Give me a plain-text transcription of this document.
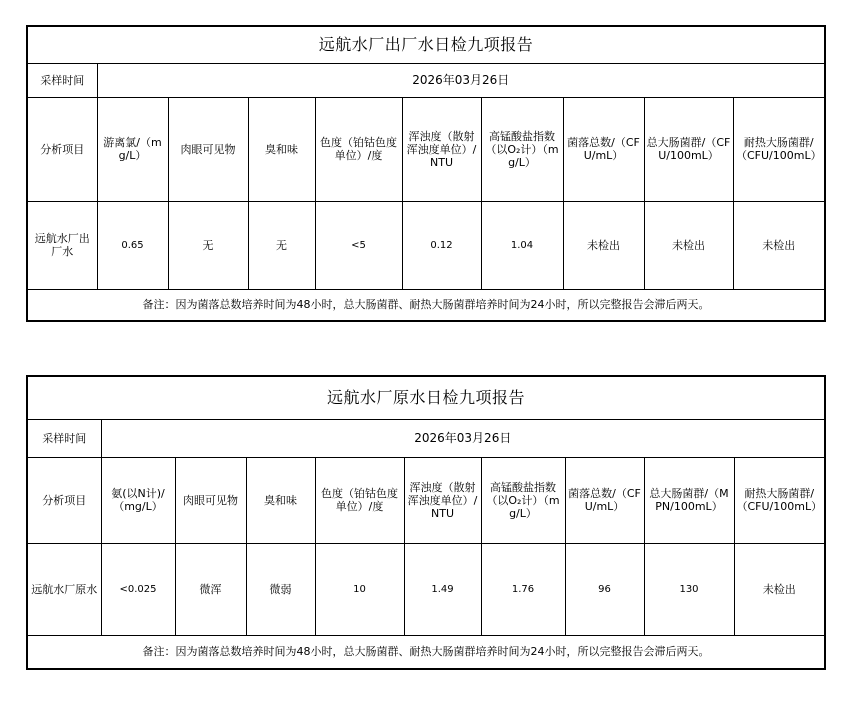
远航水厂出厂水日检九项报告									
采样时间	2026年03月26日								
分析项目	游离氯/（mg/L）	肉眼可见物	臭和味	色度（铂钴色度单位）/度	浑浊度（散射浑浊度单位）/NTU	高锰酸盐指数（以O₂计）（mg/L）	菌落总数/（CFU/mL）	总大肠菌群/（CFU/100mL）	耐热大肠菌群/（CFU/100mL）
远航水厂出厂水	0.65	无	无	<5	0.12	1.04	未检出	未检出	未检出
备注：因为菌落总数培养时间为48小时，总大肠菌群、耐热大肠菌群培养时间为24小时，所以完整报告会滞后两天。									
远航水厂原水日检九项报告									
采样时间	2026年03月26日								
分析项目	氨(以N计)/（mg/L）	肉眼可见物	臭和味	色度（铂钴色度单位）/度	浑浊度（散射浑浊度单位）/NTU	高锰酸盐指数（以O₂计）（mg/L）	菌落总数/（CFU/mL）	总大肠菌群/（MPN/100mL）	耐热大肠菌群/（CFU/100mL）
远航水厂原水	<0.025	微浑	微弱	10	1.49	1.76	96	130	未检出
备注：因为菌落总数培养时间为48小时，总大肠菌群、耐热大肠菌群培养时间为24小时，所以完整报告会滞后两天。									
